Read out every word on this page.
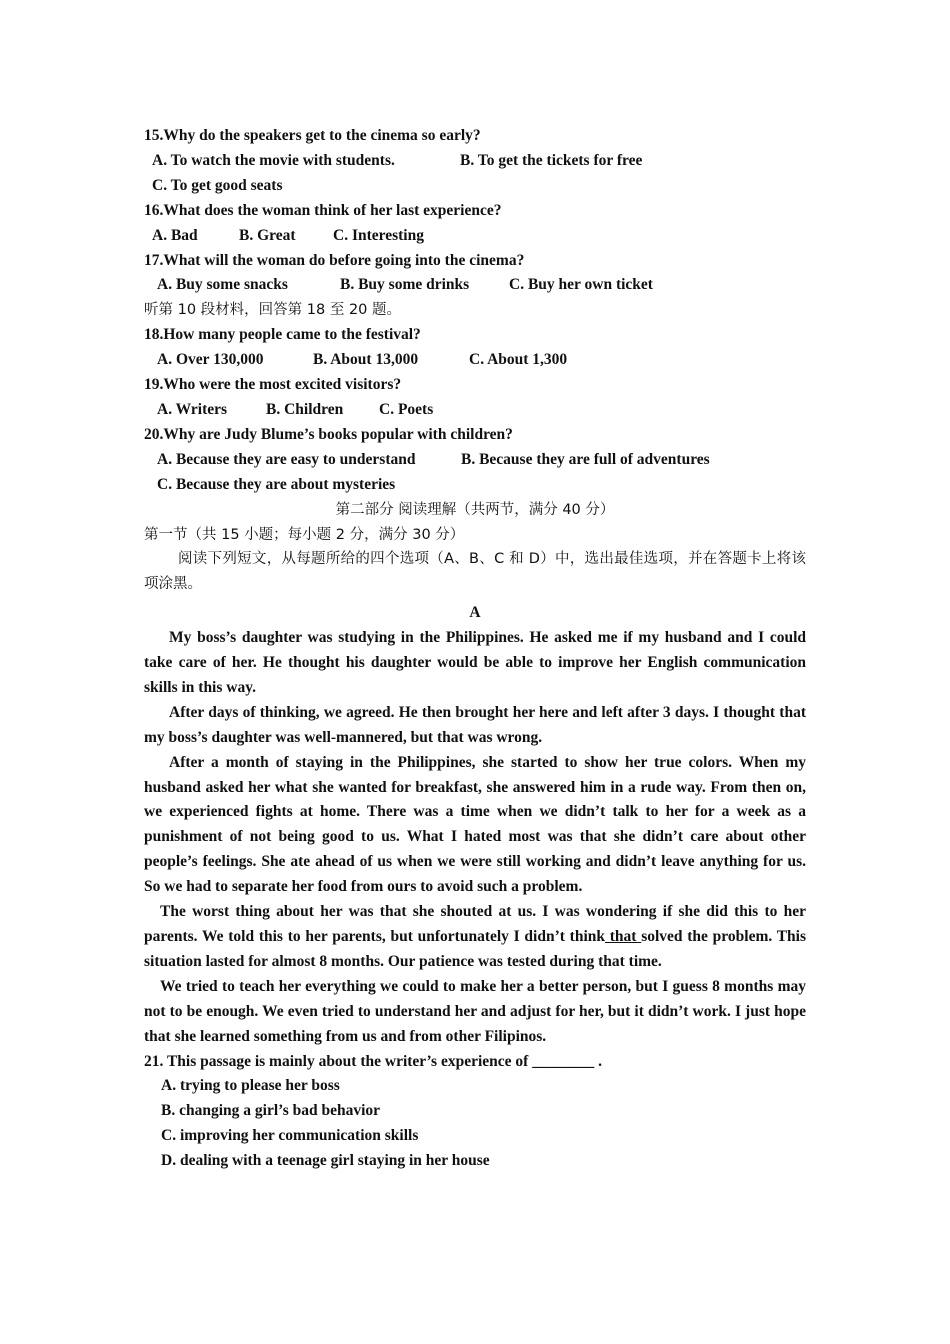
15.Why do the speakers get to the cinema so early?
A. To watch the movie with students.	B. To get the tickets for free
C. To get good seats
16.What does the woman think of her last experience?
A. Bad	B. Great C. Interesting
17.What will the woman do before going into the cinema?
A. Buy some snacks	B. Buy some drinks	C. Buy her own ticket
听第 10 段材料，回答第 18 至 20 题。
18.How many people came to the festival?
A. Over 130,000	B. About 13,000	C. About 1,300
19.Who were the most excited visitors?
A. Writers	B. Children C. Poets
20.Why are Judy Blume’s books popular with children?
A. Because they are easy to understand	B. Because they are full of adventures
C. Because they are about mysteries
第二部分 阅读理解（共两节，满分 40 分）
第一节（共 15 小题；每小题 2 分，满分 30 分）
阅读下列短文，从每题所给的四个选项（A、B、C 和 D）中，选出最佳选项，并在答题卡上将该项涂黑。
A
My boss’s daughter was studying in the Philippines. He asked me if my husband and I could take care of her. He thought his daughter would be able to improve her English communication skills in this way.
After days of thinking, we agreed. He then brought her here and left after 3 days. I thought that my boss’s daughter was well-mannered, but that was wrong.
After a month of staying in the Philippines, she started to show her true colors. When my husband asked her what she wanted for breakfast, she answered him in a rude way. From then on, we experienced fights at home. There was a time when we didn’t talk to her for a week as a punishment of not being good to us. What I hated most was that she didn’t care about other people’s feelings. She ate ahead of us when we were still working and didn’t leave anything for us. So we had to separate her food from ours to avoid such a problem.
The worst thing about her was that she shouted at us. I was wondering if she did this to her parents. We told this to her parents, but unfortunately I didn’t think that solved the problem. This situation lasted for almost 8 months. Our patience was tested during that time.
We tried to teach her everything we could to make her a better person, but I guess 8 months may not to be enough. We even tried to understand her and adjust for her, but it didn’t work. I just hope that she learned something from us and from other Filipinos.
21. This passage is mainly about the writer’s experience of ________ .
A. trying to please her boss
B. changing a girl’s bad behavior
C. improving her communication skills
D. dealing with a teenage girl staying in her house
